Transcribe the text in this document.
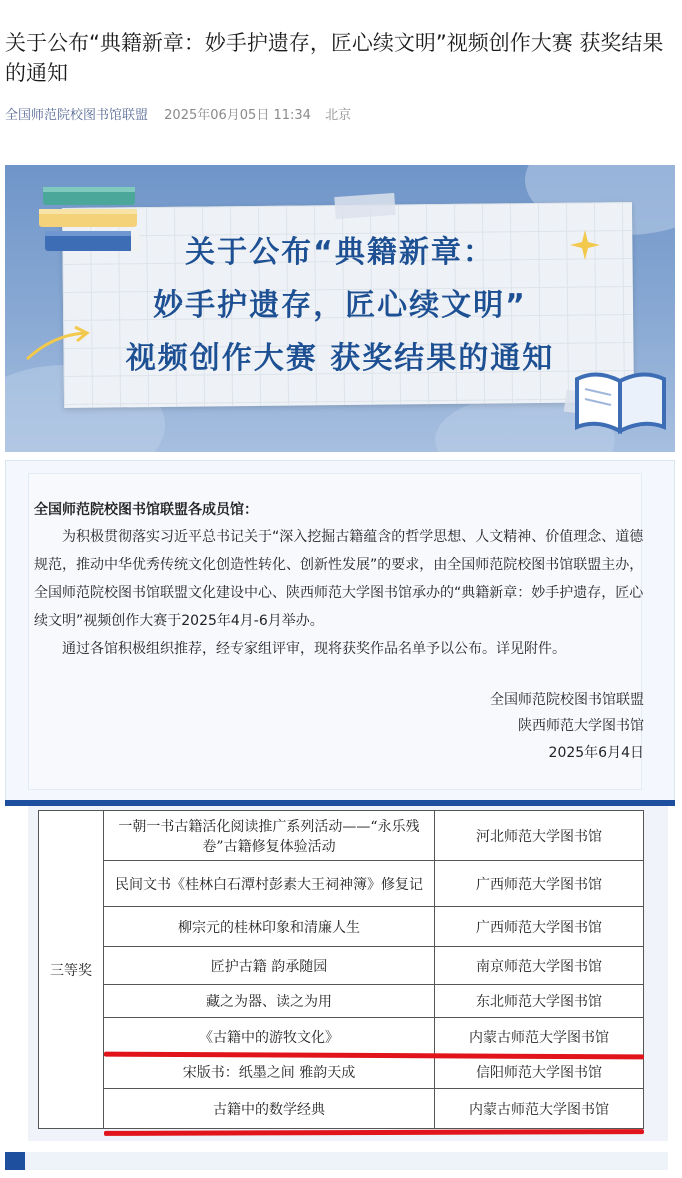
关于公布“典籍新章：妙手护遗存，匠心续文明”视频创作大赛 获奖结果的通知
全国师范院校图书馆联盟 2025年06月05日 11:34 北京
关于公布“典籍新章：
妙手护遗存，匠心续文明”
视频创作大赛 获奖结果的通知

全国师范院校图书馆联盟各成员馆：

为积极贯彻落实习近平总书记关于“深入挖掘古籍蕴含的哲学思想、人文精神、价值理念、道德规范，推动中华优秀传统文化创造性转化、创新性发展”的要求，由全国师范院校图书馆联盟主办，全国师范院校图书馆联盟文化建设中心、陕西师范大学图书馆承办的“典籍新章：妙手护遗存，匠心续文明”视频创作大赛于2025年4月-6月举办。

通过各馆积极组织推荐，经专家组评审，现将获奖作品名单予以公布。详见附件。

全国师范院校图书馆联盟

陕西师范大学图书馆

2025年6月4日

三等奖	一朝一书古籍活化阅读推广系列活动——“永乐残卷”古籍修复体验活动	河北师范大学图书馆
	民间文书《桂林白石潭村彭素大王祠神簿》修复记	广西师范大学图书馆
	柳宗元的桂林印象和清廉人生	广西师范大学图书馆
	匠护古籍 韵承随园	南京师范大学图书馆
	藏之为器、读之为用	东北师范大学图书馆
	《古籍中的游牧文化》	内蒙古师范大学图书馆
	宋版书：纸墨之间 雅韵天成	信阳师范大学图书馆
	古籍中的数学经典	内蒙古师范大学图书馆
